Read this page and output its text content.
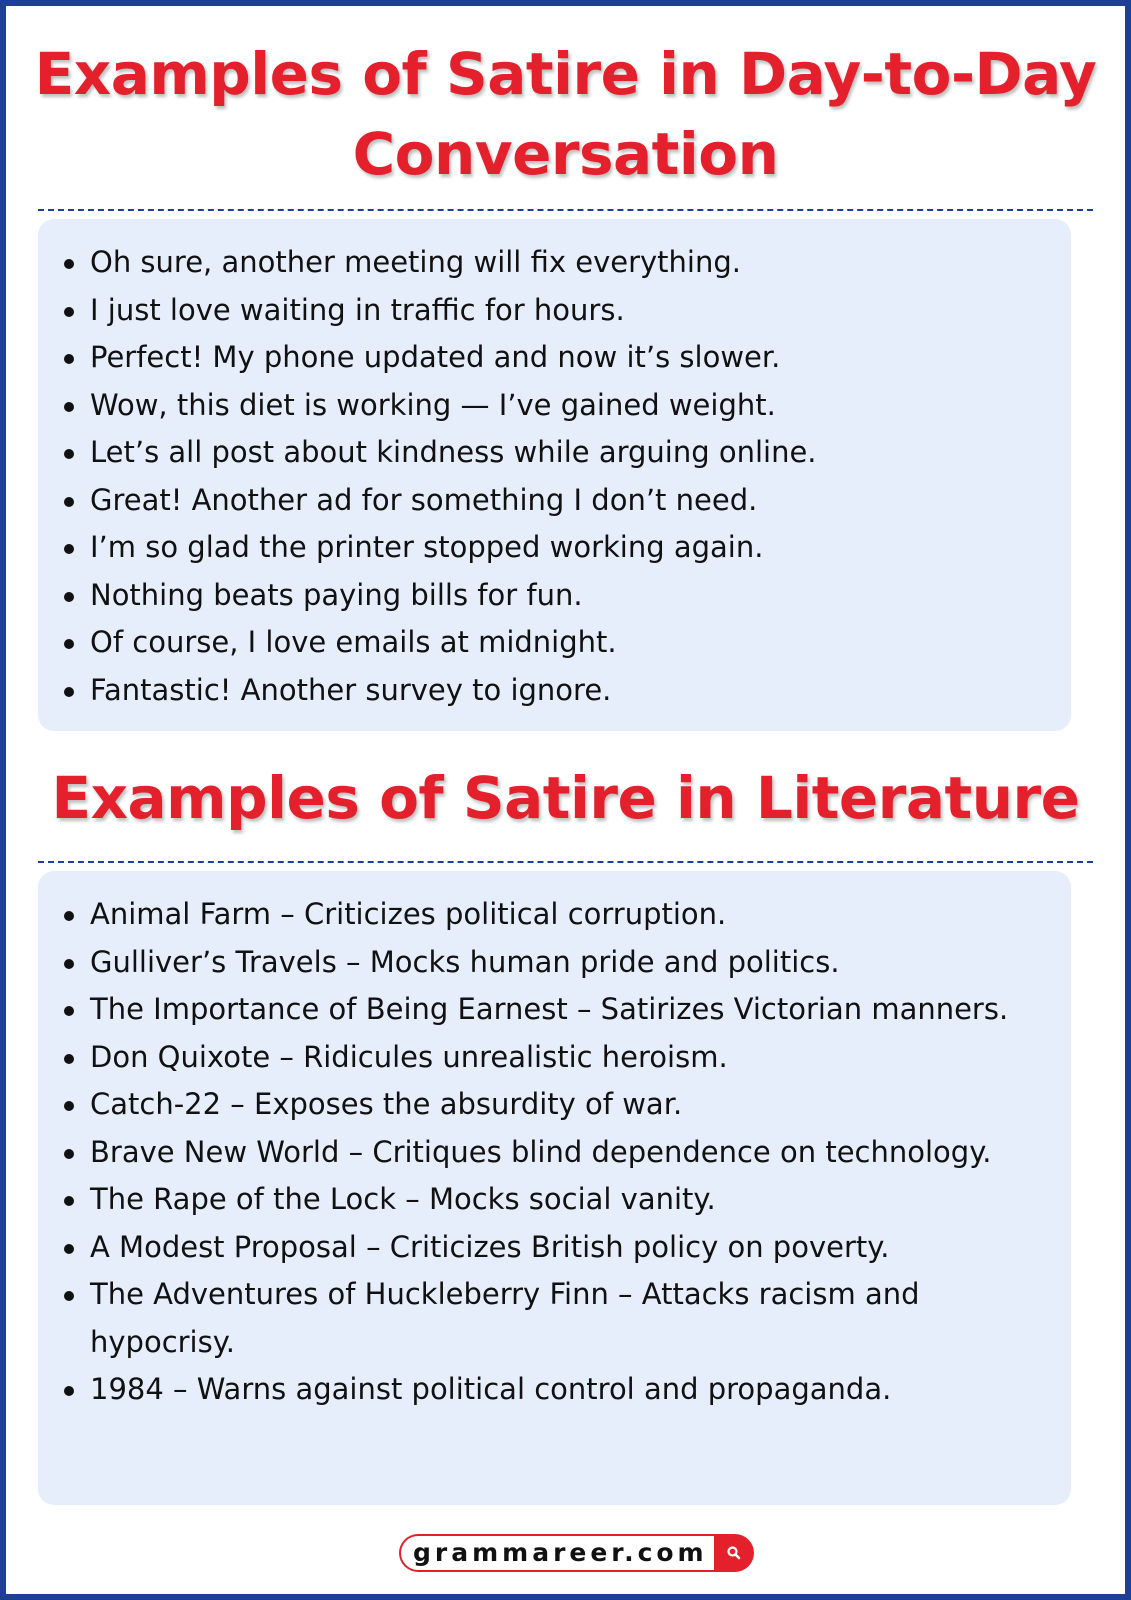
Examples of Satire in Day-to-Day Conversation
Oh sure, another meeting will fix everything.
I just love waiting in traffic for hours.
Perfect! My phone updated and now it’s slower.
Wow, this diet is working — I’ve gained weight.
Let’s all post about kindness while arguing online.
Great! Another ad for something I don’t need.
I’m so glad the printer stopped working again.
Nothing beats paying bills for fun.
Of course, I love emails at midnight.
Fantastic! Another survey to ignore.
Examples of Satire in Literature
Animal Farm – Criticizes political corruption.
Gulliver’s Travels – Mocks human pride and politics.
The Importance of Being Earnest – Satirizes Victorian manners.
Don Quixote – Ridicules unrealistic heroism.
Catch-22 – Exposes the absurdity of war.
Brave New World – Critiques blind dependence on technology.
The Rape of the Lock – Mocks social vanity.
A Modest Proposal – Criticizes British policy on poverty.
The Adventures of Huckleberry Finn – Attacks racism and hypocrisy.
1984 – Warns against political control and propaganda.
grammareer.com
